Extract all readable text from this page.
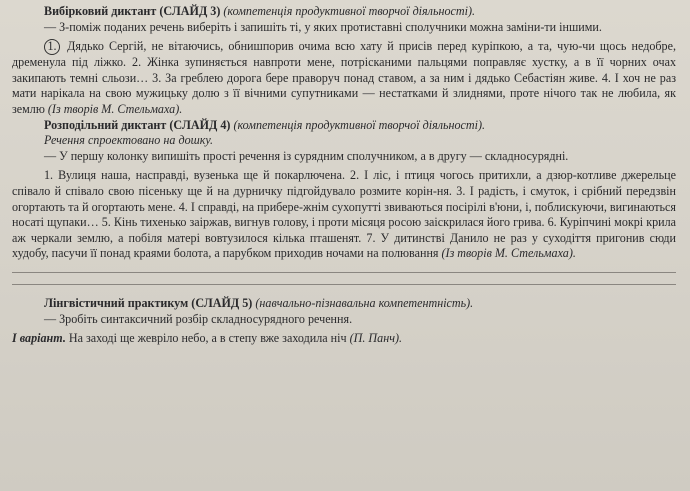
Вибірковий диктант (СЛАЙД 3) (компетенція продуктивної творчої діяльності).

— З-поміж поданих речень виберіть і запишіть ті, у яких протиставні сполучники можна заміни-ти іншими.

1. Дядько Сергій, не вітаючись, обнишпорив очима всю хату й присів перед куріпкою, а та, чую-чи щось недобре, дременула під ліжко. 2. Жінка зупиняється навпроти мене, потрісканими пальцями поправляє хустку, а в її чорних очах закипають темні сльози… 3. За греблею дорога бере праворуч понад ставом, а за ним і дядько Себастіян живе. 4. І хоч не раз мати нарікала на свою мужицьку долю з її вічними супутниками — нестатками й злиднями, проте нічого так не любила, як землю (Із творів М. Стельмаха).

Розподільний диктант (СЛАЙД 4) (компетенція продуктивної творчої діяльності).

Речення спроектовано на дошку.

— У першу колонку випишіть прості речення із сурядним сполучником, а в другу — складносурядні.

1. Вулиця наша, насправді, вузенька ще й покарлючена. 2. І ліс, і птиця чогось притихли, а дзюр-котливе джерельце співало й співало свою пісеньку ще й на дурничку підгойдувало розмите корін-ня. 3. І радість, і смуток, і срібний передзвін огортають та й огортають мене. 4. І справді, на прибере-жнім сухопутті звиваються посірілі в'юни, і, поблискуючи, вигинаються носаті щупаки… 5. Кінь тихенько заіржав, вигнув голову, і проти місяця росою заіскрилася його грива. 6. Куріпчині мокрі крила аж черкали землю, а побіля матері вовтузилося кілька пташенят. 7. У дитинстві Данило не раз у суходіття пригонив сюди худобу, пасучи її понад краями болота, а парубком приходив ночами на полювання (Із творів М. Стельмаха).

Лінгвістичний практикум (СЛАЙД 5) (навчально-пізнавальна компетентність).

— Зробіть синтаксичний розбір складносурядного речення.

І варіант. На заході ще жевріло небо, а в степу вже заходила ніч (П. Панч).
